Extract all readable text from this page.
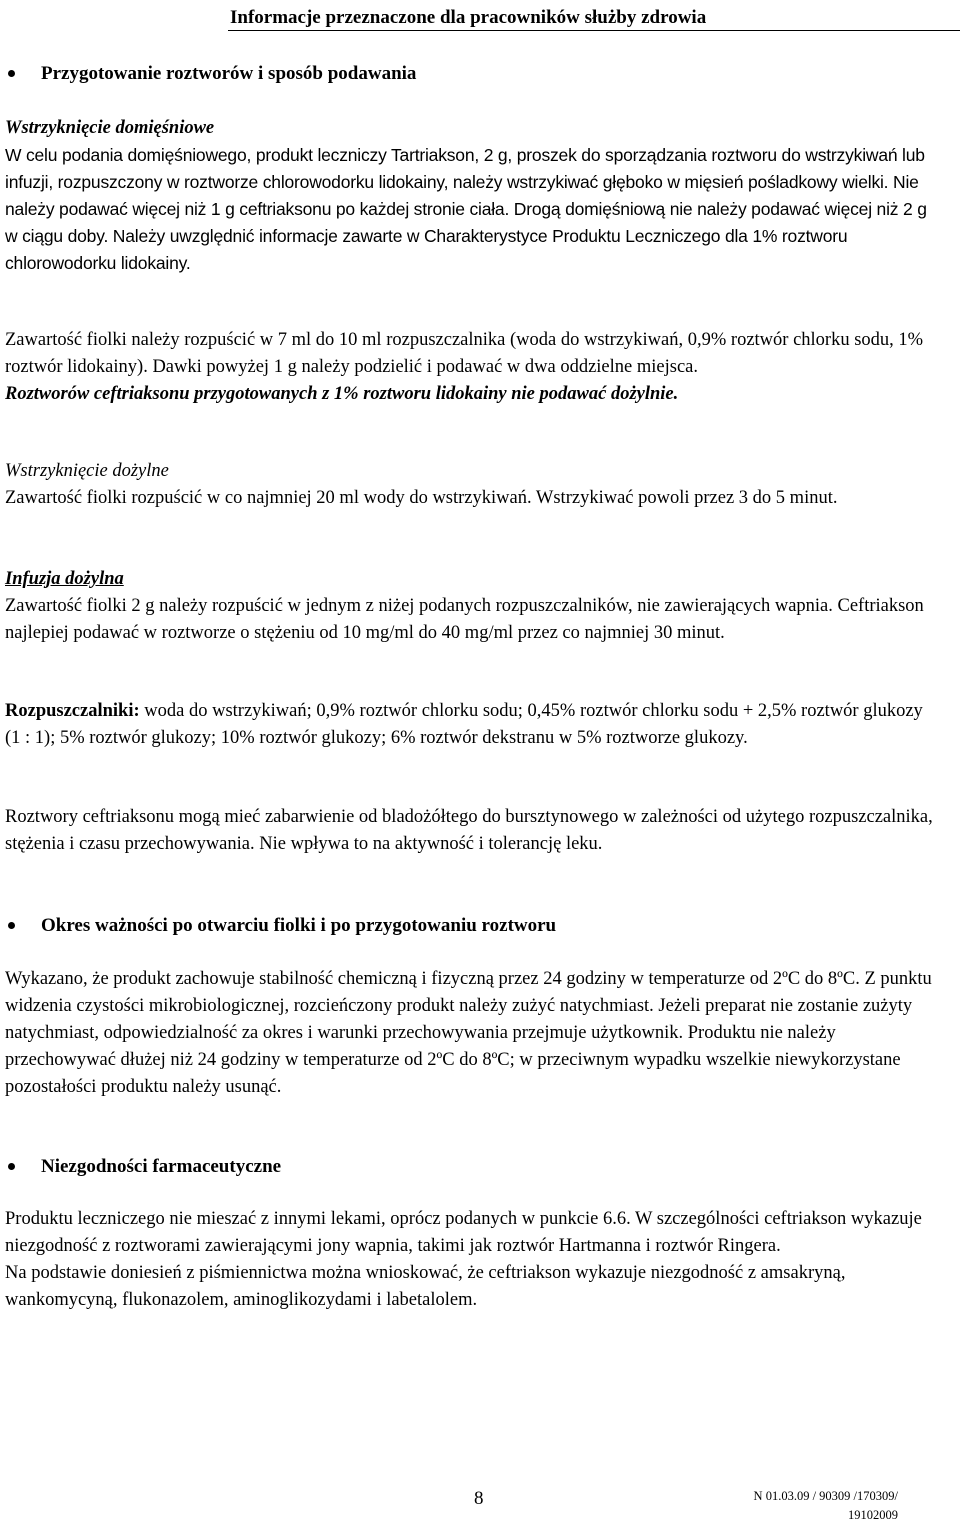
Informacje przeznaczone dla pracowników służby zdrowia
Przygotowanie roztworów i sposób podawania

Wstrzyknięcie domięśniowe

W celu podania domięśniowego, produkt leczniczy Tartriakson, 2 g, proszek do sporządzania roztworu do wstrzykiwań lub infuzji, rozpuszczony w roztworze chlorowodorku lidokainy, należy wstrzykiwać głęboko w mięsień pośladkowy wielki. Nie należy podawać więcej niż 1 g ceftriaksonu po każdej stronie ciała. Drogą domięśniową nie należy podawać więcej niż 2 g w ciągu doby. Należy uwzględnić informacje zawarte w Charakterystyce Produktu Leczniczego dla 1% roztworu chlorowodorku lidokainy.

Zawartość fiolki należy rozpuścić w 7 ml do 10 ml rozpuszczalnika (woda do wstrzykiwań, 0,9% roztwór chlorku sodu, 1% roztwór lidokainy). Dawki powyżej 1 g należy podzielić i podawać w dwa oddzielne miejsca.

Roztworów ceftriaksonu przygotowanych z 1% roztworu lidokainy nie podawać dożylnie.

Wstrzyknięcie dożylne

Zawartość fiolki rozpuścić w co najmniej 20 ml wody do wstrzykiwań. Wstrzykiwać powoli przez 3 do 5 minut.

Infuzja dożylna

Zawartość fiolki 2 g należy rozpuścić w jednym z niżej podanych rozpuszczalników, nie zawierających wapnia. Ceftriakson najlepiej podawać w roztworze o stężeniu od 10 mg/ml do 40 mg/ml przez co najmniej 30 minut.

Rozpuszczalniki: woda do wstrzykiwań; 0,9% roztwór chlorku sodu; 0,45% roztwór chlorku sodu + 2,5% roztwór glukozy (1 : 1); 5% roztwór glukozy; 10% roztwór glukozy; 6% roztwór dekstranu w 5% roztworze glukozy.

Roztwory ceftriaksonu mogą mieć zabarwienie od bladożółtego do bursztynowego w zależności od użytego rozpuszczalnika, stężenia i czasu przechowywania. Nie wpływa to na aktywność i tolerancję leku.

Okres ważności po otwarciu fiolki i po przygotowaniu roztworu

Wykazano, że produkt zachowuje stabilność chemiczną i fizyczną przez 24 godziny w temperaturze od 2ºC do 8ºC. Z punktu widzenia czystości mikrobiologicznej, rozcieńczony produkt należy zużyć natychmiast. Jeżeli preparat nie zostanie zużyty natychmiast, odpowiedzialność za okres i warunki przechowywania przejmuje użytkownik. Produktu nie należy przechowywać dłużej niż 24 godziny w temperaturze od 2ºC do 8ºC; w przeciwnym wypadku wszelkie niewykorzystane pozostałości produktu należy usunąć.

Niezgodności farmaceutyczne

Produktu leczniczego nie mieszać z innymi lekami, oprócz podanych w punkcie 6.6. W szczególności ceftriakson wykazuje niezgodność z roztworami zawierającymi jony wapnia, takimi jak roztwór Hartmanna i roztwór Ringera.

Na podstawie doniesień z piśmiennictwa można wnioskować, że ceftriakson wykazuje niezgodność z amsakryną, wankomycyną, flukonazolem, aminoglikozydami i labetalolem.

8	N 01.03.09 / 90309 /170309/
19102009
